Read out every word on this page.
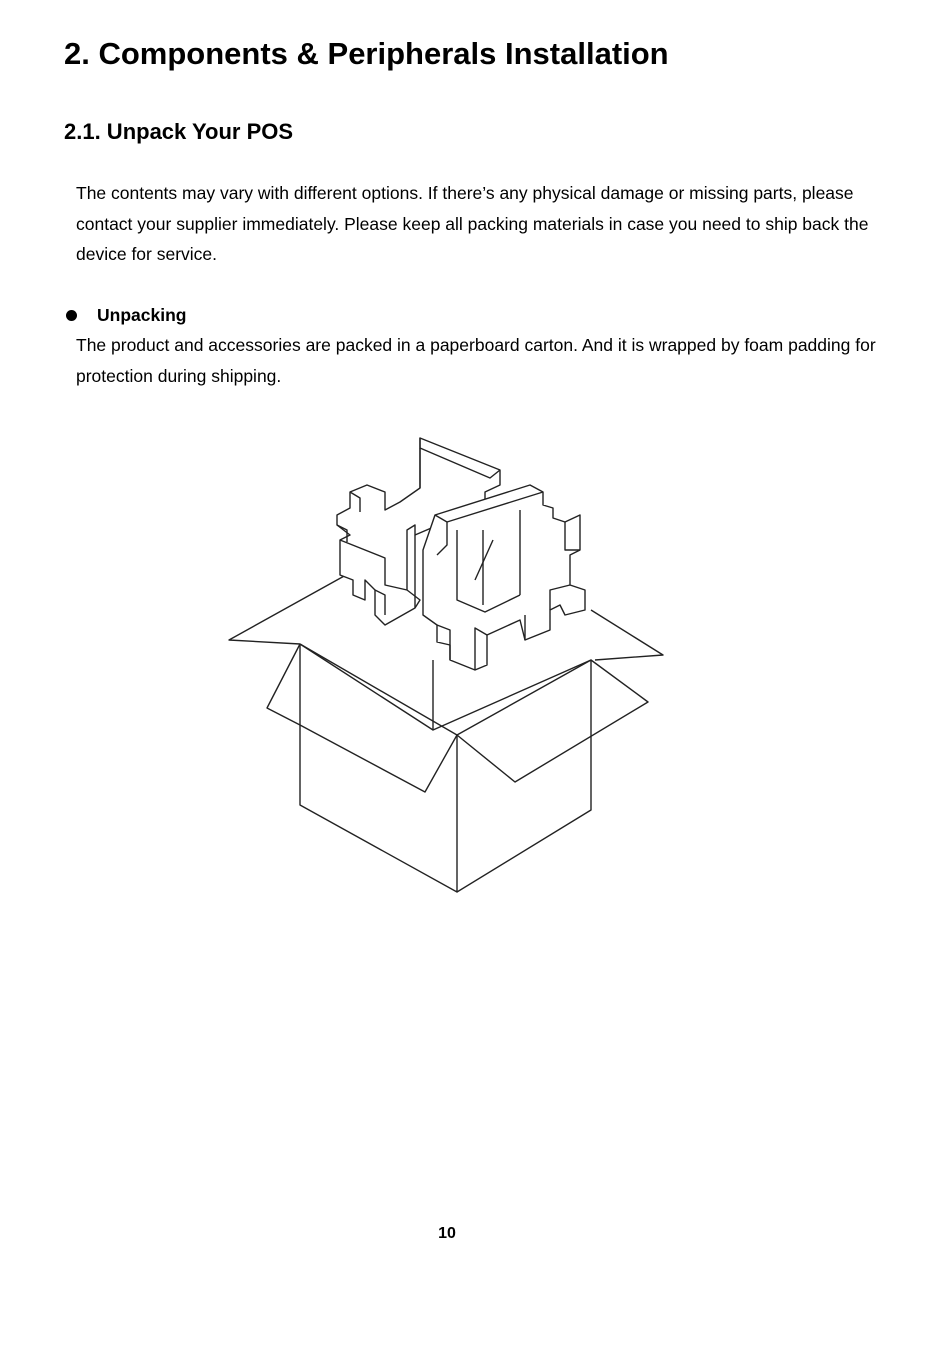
2. Components & Peripherals Installation
2.1. Unpack Your POS

The contents may vary with different options. If there’s any physical damage or missing parts, please contact your supplier immediately. Please keep all packing materials in case you need to ship back the device for service.

Unpacking

The product and accessories are packed in a paperboard carton. And it is wrapped by foam padding for protection during shipping.

10
